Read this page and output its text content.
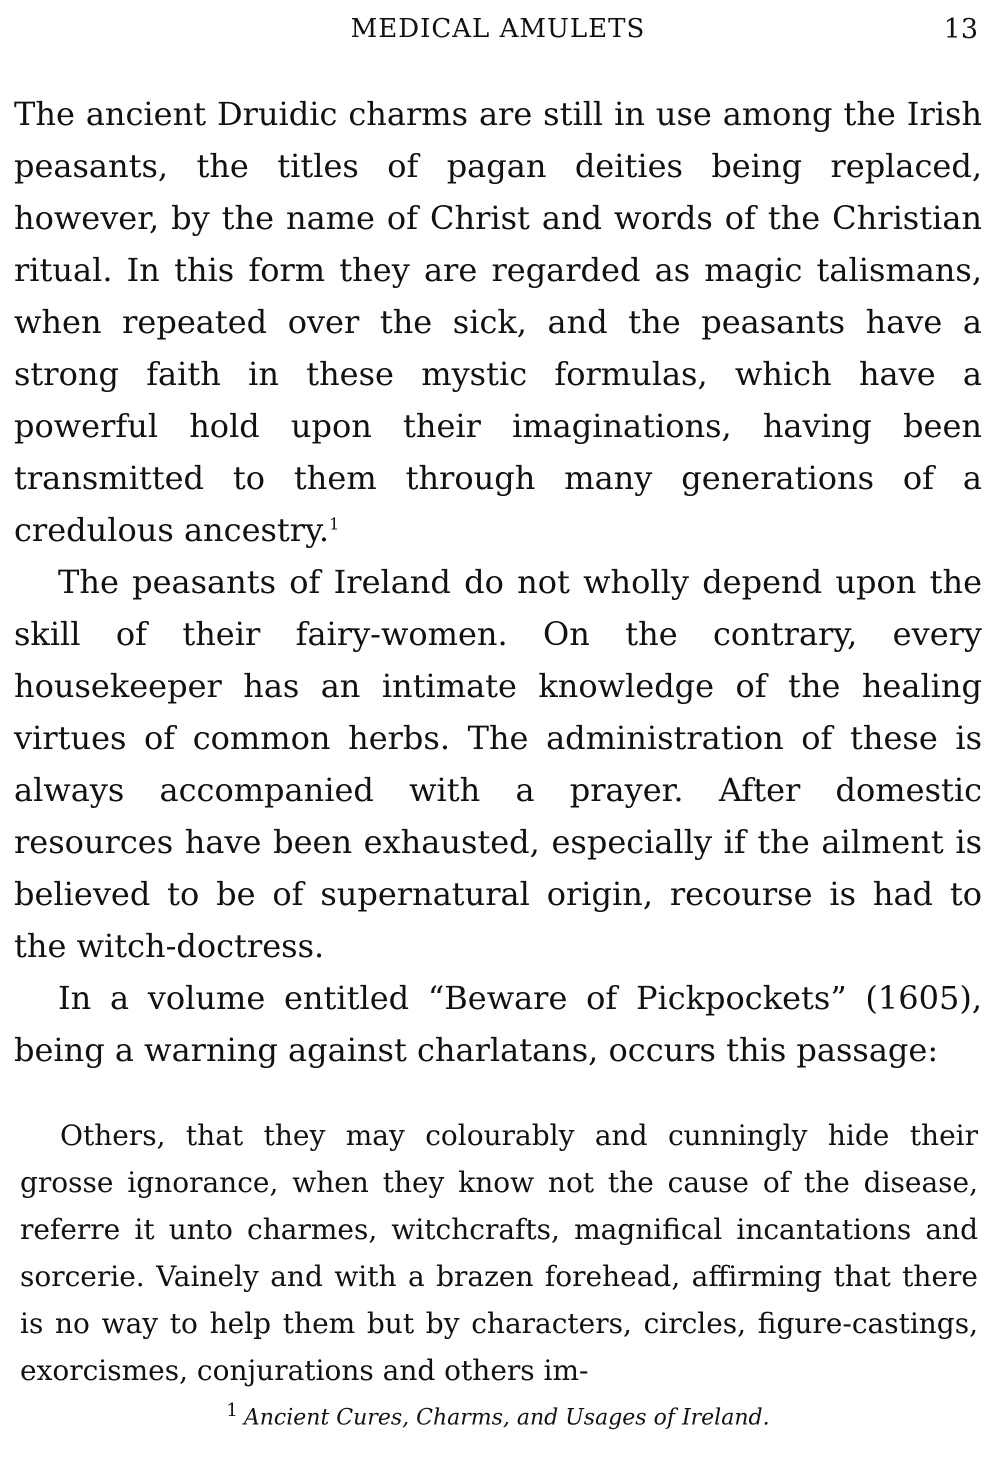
MEDICAL AMULETS	13

The ancient Druidic charms are still in use among the Irish peasants, the titles of pagan deities being replaced, however, by the name of Christ and words of the Christian ritual. In this form they are regarded as magic talismans, when repeated over the sick, and the peasants have a strong faith in these mystic formulas, which have a powerful hold upon their imaginations, having been transmitted to them through many generations of a credulous ancestry.$^1$

The peasants of Ireland do not wholly depend upon the skill of their fairy-women. On the contrary, every housekeeper has an intimate knowledge of the healing virtues of common herbs. The administration of these is always accompanied with a prayer. After domestic resources have been exhausted, especially if the ailment is believed to be of supernatural origin, recourse is had to the witch-doctress.

In a volume entitled “Beware of Pickpockets” (1605), being a warning against charlatans, occurs this passage:

Others, that they may colourably and cunningly hide their grosse ignorance, when they know not the cause of the disease, referre it unto charmes, witchcrafts, magnifical incantations and sorcerie. Vainely and with a brazen forehead, affirming that there is no way to help them but by characters, circles, figure-castings, exorcismes, conjurations and others im-

$^1$ Ancient Cures, Charms, and Usages of Ireland.
